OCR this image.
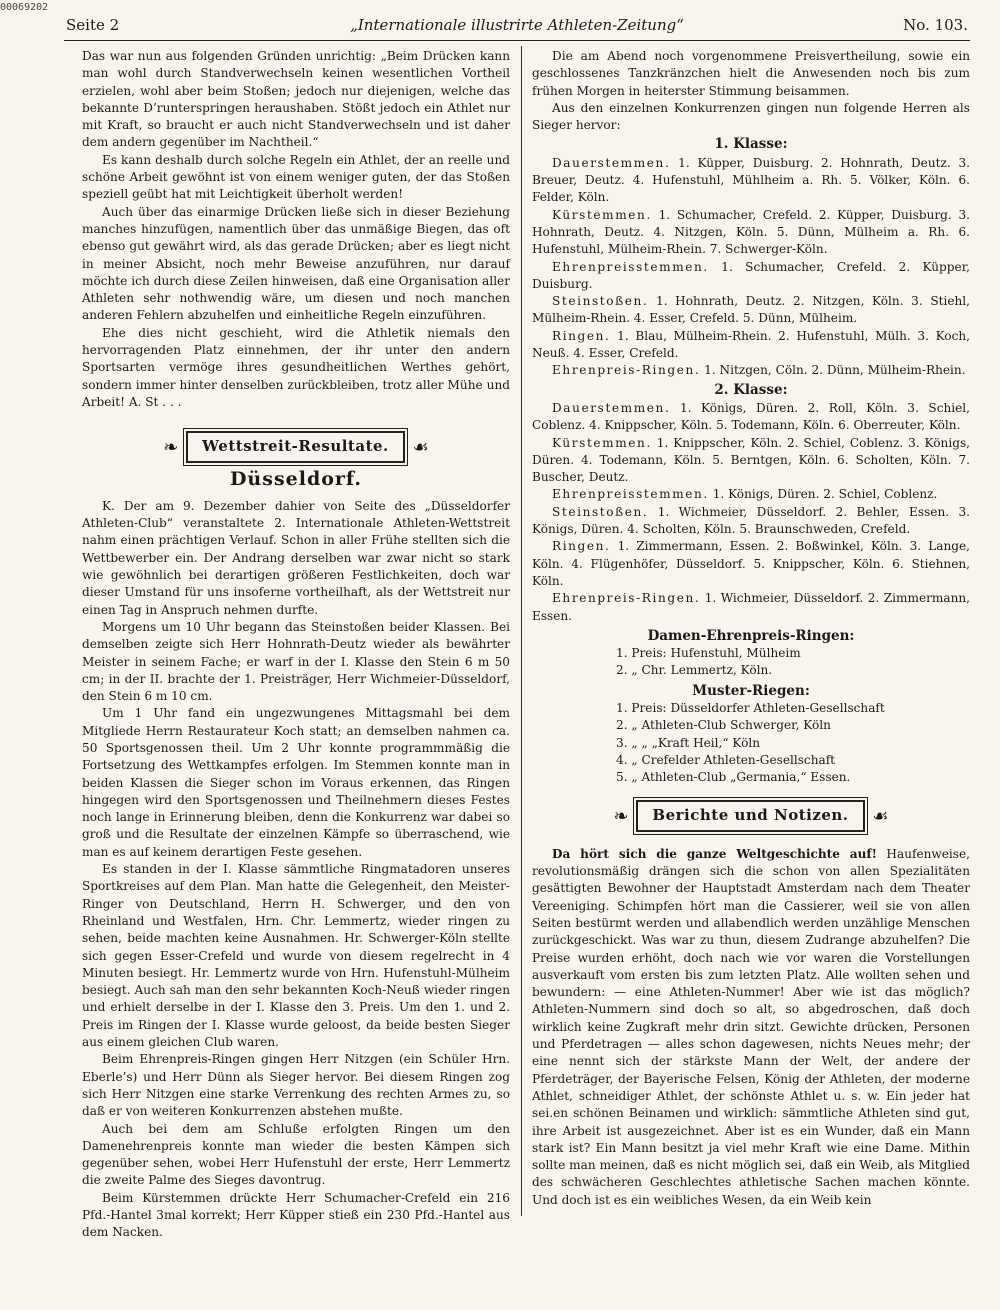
00069202
Seite 2	„Internationale illustrirte Athleten-Zeitung“	No. 103.

Das war nun aus folgenden Gründen unrichtig: „Beim Drücken kann man wohl durch Standverwechseln keinen wesentlichen Vortheil erzielen, wohl aber beim Stoßen; jedoch nur diejenigen, welche das bekannte D’runterspringen heraushaben. Stößt jedoch ein Athlet nur mit Kraft, so braucht er auch nicht Standverwechseln und ist daher dem andern gegenüber im Nachtheil.“

Es kann deshalb durch solche Regeln ein Athlet, der an reelle und schöne Arbeit gewöhnt ist von einem weniger guten, der das Stoßen speziell geübt hat mit Leichtigkeit überholt werden!

Auch über das einarmige Drücken ließe sich in dieser Beziehung manches hinzufügen, namentlich über das unmäßige Biegen, das oft ebenso gut gewährt wird, als das gerade Drücken; aber es liegt nicht in meiner Absicht, noch mehr Beweise anzuführen, nur darauf möchte ich durch diese Zeilen hinweisen, daß eine Organisation aller Athleten sehr nothwendig wäre, um diesen und noch manchen anderen Fehlern abzuhelfen und einheitliche Regeln einzuführen.

Ehe dies nicht geschieht, wird die Athletik niemals den hervorragenden Platz einnehmen, der ihr unter den andern Sportsarten vermöge ihres gesundheitlichen Werthes gehört, sondern immer hinter denselben zurückbleiben, trotz aller Mühe und Arbeit! A. St . . .

❧ Wettstreit-Resultate. ☙
Düsseldorf.

K. Der am 9. Dezember dahier von Seite des „Düsseldorfer Athleten-Club“ veranstaltete 2. Internationale Athleten-Wettstreit nahm einen prächtigen Verlauf. Schon in aller Frühe stellten sich die Wettbewerber ein. Der Andrang derselben war zwar nicht so stark wie gewöhnlich bei derartigen größeren Festlichkeiten, doch war dieser Umstand für uns insoferne vortheilhaft, als der Wettstreit nur einen Tag in Anspruch nehmen durfte.

Morgens um 10 Uhr begann das Steinstoßen beider Klassen. Bei demselben zeigte sich Herr Hohnrath-Deutz wieder als bewährter Meister in seinem Fache; er warf in der I. Klasse den Stein 6 m 50 cm; in der II. brachte der 1. Preisträger, Herr Wichmeier-Düsseldorf, den Stein 6 m 10 cm.

Um 1 Uhr fand ein ungezwungenes Mittagsmahl bei dem Mitgliede Herrn Restaurateur Koch statt; an demselben nahmen ca. 50 Sportsgenossen theil. Um 2 Uhr konnte programmmäßig die Fortsetzung des Wettkampfes erfolgen. Im Stemmen konnte man in beiden Klassen die Sieger schon im Voraus erkennen, das Ringen hingegen wird den Sportsgenossen und Theilnehmern dieses Festes noch lange in Erinnerung bleiben, denn die Konkurrenz war dabei so groß und die Resultate der einzelnen Kämpfe so überraschend, wie man es auf keinem derartigen Feste gesehen.

Es standen in der I. Klasse sämmtliche Ringmatadoren unseres Sportkreises auf dem Plan. Man hatte die Gelegenheit, den Meister-Ringer von Deutschland, Herrn H. Schwerger, und den von Rheinland und Westfalen, Hrn. Chr. Lemmertz, wieder ringen zu sehen, beide machten keine Ausnahmen. Hr. Schwerger-Köln stellte sich gegen Esser-Crefeld und wurde von diesem regelrecht in 4 Minuten besiegt. Hr. Lemmertz wurde von Hrn. Hufenstuhl-Mülheim besiegt. Auch sah man den sehr bekannten Koch-Neuß wieder ringen und erhielt derselbe in der I. Klasse den 3. Preis. Um den 1. und 2. Preis im Ringen der I. Klasse wurde geloost, da beide besten Sieger aus einem gleichen Club waren.

Beim Ehrenpreis-Ringen gingen Herr Nitzgen (ein Schüler Hrn. Eberle’s) und Herr Dünn als Sieger hervor. Bei diesem Ringen zog sich Herr Nitzgen eine starke Verrenkung des rechten Armes zu, so daß er von weiteren Konkurrenzen abstehen mußte.

Auch bei dem am Schluße erfolgten Ringen um den Damenehrenpreis konnte man wieder die besten Kämpen sich gegenüber sehen, wobei Herr Hufenstuhl der erste, Herr Lemmertz die zweite Palme des Sieges davontrug.

Beim Kürstemmen drückte Herr Schumacher-Crefeld ein 216 Pfd.-Hantel 3mal korrekt; Herr Küpper stieß ein 230 Pfd.-Hantel aus dem Nacken.

Die am Abend noch vorgenommene Preisvertheilung, sowie ein geschlossenes Tanzkränzchen hielt die Anwesenden noch bis zum frühen Morgen in heiterster Stimmung beisammen.

Aus den einzelnen Konkurrenzen gingen nun folgende Herren als Sieger hervor:

1. Klasse:

Dauerstemmen. 1. Küpper, Duisburg. 2. Hohnrath, Deutz. 3. Breuer, Deutz. 4. Hufenstuhl, Mühlheim a. Rh. 5. Völker, Köln. 6. Felder, Köln.

Kürstemmen. 1. Schumacher, Crefeld. 2. Küpper, Duisburg. 3. Hohnrath, Deutz. 4. Nitzgen, Köln. 5. Dünn, Mülheim a. Rh. 6. Hufenstuhl, Mülheim-Rhein. 7. Schwerger-Köln.

Ehrenpreisstemmen. 1. Schumacher, Crefeld. 2. Küpper, Duisburg.

Steinstoßen. 1. Hohnrath, Deutz. 2. Nitzgen, Köln. 3. Stiehl, Mülheim-Rhein. 4. Esser, Crefeld. 5. Dünn, Mülheim.

Ringen. 1. Blau, Mülheim-Rhein. 2. Hufenstuhl, Mülh. 3. Koch, Neuß. 4. Esser, Crefeld.

Ehrenpreis-Ringen. 1. Nitzgen, Cöln. 2. Dünn, Mülheim-Rhein.

2. Klasse:

Dauerstemmen. 1. Königs, Düren. 2. Roll, Köln. 3. Schiel, Coblenz. 4. Knippscher, Köln. 5. Todemann, Köln. 6. Oberreuter, Köln.

Kürstemmen. 1. Knippscher, Köln. 2. Schiel, Coblenz. 3. Königs, Düren. 4. Todemann, Köln. 5. Berntgen, Köln. 6. Scholten, Köln. 7. Buscher, Deutz.

Ehrenpreisstemmen. 1. Königs, Düren. 2. Schiel, Coblenz.

Steinstoßen. 1. Wichmeier, Düsseldorf. 2. Behler, Essen. 3. Königs, Düren. 4. Scholten, Köln. 5. Braunschweden, Crefeld.

Ringen. 1. Zimmermann, Essen. 2. Boßwinkel, Köln. 3. Lange, Köln. 4. Flügenhöfer, Düsseldorf. 5. Knippscher, Köln. 6. Stiehnen, Köln.

Ehrenpreis-Ringen. 1. Wichmeier, Düsseldorf. 2. Zimmermann, Essen.

Damen-Ehrenpreis-Ringen:
1. Preis: Hufenstuhl, Mülheim
2. „ Chr. Lemmertz, Köln.
Muster-Riegen:
1. Preis: Düsseldorfer Athleten-Gesellschaft
2. „ Athleten-Club Schwerger, Köln
3. „ „ „Kraft Heil,“ Köln
4. „ Crefelder Athleten-Gesellschaft
5. „ Athleten-Club „Germania,“ Essen.
❧ Berichte und Notizen. ☙

Da hört sich die ganze Weltgeschichte auf! Haufenweise, revolutionsmäßig drängen sich die schon von allen Spezialitäten gesättigten Bewohner der Hauptstadt Amsterdam nach dem Theater Vereeniging. Schimpfen hört man die Cassierer, weil sie von allen Seiten bestürmt werden und allabendlich werden unzählige Menschen zurückgeschickt. Was war zu thun, diesem Zudrange abzuhelfen? Die Preise wurden erhöht, doch nach wie vor waren die Vorstellungen ausverkauft vom ersten bis zum letzten Platz. Alle wollten sehen und bewundern: — eine Athleten-Nummer! Aber wie ist das möglich? Athleten-Nummern sind doch so alt, so abgedroschen, daß doch wirklich keine Zugkraft mehr drin sitzt. Gewichte drücken, Personen und Pferdetragen — alles schon dagewesen, nichts Neues mehr; der eine nennt sich der stärkste Mann der Welt, der andere der Pferdeträger, der Bayerische Felsen, König der Athleten, der moderne Athlet, schneidiger Athlet, der schönste Athlet u. s. w. Ein jeder hat sei.en schönen Beinamen und wirklich: sämmtliche Athleten sind gut, ihre Arbeit ist ausgezeichnet. Aber ist es ein Wunder, daß ein Mann stark ist? Ein Mann besitzt ja viel mehr Kraft wie eine Dame. Mithin sollte man meinen, daß es nicht möglich sei, daß ein Weib, als Mitglied des schwächeren Geschlechtes athletische Sachen machen könnte. Und doch ist es ein weibliches Wesen, da ein Weib kein
